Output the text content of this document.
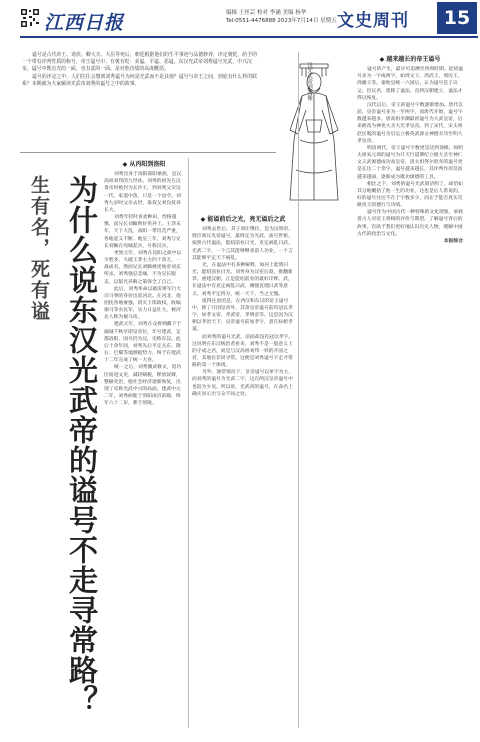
江西日报	编辑 王丝芸 校对 李涵 美编 杨华
Tel:0551-4476888 2023年7月14日 星期五 文史周刊	15

谥号是古代帝王、诸侯、卿大夫、大臣等死后，朝廷根据他们的生平事迹与品德修养，评定褒贬，给予的一个带有评判性质的称号。帝王谥号中，有褒有贬：美谥、平谥、恶谥。东汉光武帝刘秀谥号光武，中兴汉室，谥号中既有光的一面，也有武的一面，是对他功绩的高度概括。

谥号的评定之中，人们往往会想到刘秀谥号为何是光武而不是其他？谥号与帝王之间，到底有什么样的联系？本期就为大家解读光武帝刘秀的谥号之中的故事。	汉光武帝刘秀像
为什么说东汉光武帝的谥号不走寻常路？
生有名，死有谥
◆ 从丙阳到洛阳

刘秀出身于南阳蔡阳豪族，是汉高祖刘邦的九世孙。刘秀的祖先在汉景帝时被封为长沙王，到刘秀父亲这一代，家道中落，只是一个县令。刘秀九岁时父亲去世，靠叔父刘良抚养长大。

刘秀年轻时喜欢种田，性格谨慎，而兄长刘縯则好侠养士。王莽末年，天下大乱，南阳一带饥荒严重，各地起义不断。地皇三年，刘秀与兄长刘縯在宛城起兵，号称汉兵。

更始元年，刘秀在昆阳之战中以少胜多，大破王莽主力四十余万，一战成名。然而兄长刘縯被更始帝刘玄所杀，刘秀强忍悲痛，不为兄长服丧，以韬光养晦之策保全了自己。

此后，刘秀奉命以破虏将军行大司马事的身份出巡河北。在河北，他招抚各地豪强，消灭王郎政权，收编铜马等农民军，实力日益壮大，被河北人称为铜马帝。

建武元年，刘秀在众将拥戴下于鄗城千秋亭即皇帝位，年号建武，定都洛阳，国号仍为汉，史称东汉。此后十余年间，刘秀先后平定关东、陇右、巴蜀等地割据势力，终于在建武十二年完成了统一大业。

统一之后，刘秀偃武修文，退功臣而进文吏，减轻赋税，释放奴婢，整顿吏治，使社会经济逐渐恢复，出现了史称光武中兴的局面。建武中元二年，刘秀病逝于洛阳南宫前殿，终年六十二岁，葬于原陵。

◆ 能谥前后之光，亮无谥后之武

刘秀去世后，其子刘庄继位，是为汉明帝。群臣商议先帝谥号，最终定为光武，庙号世祖。按照古代谥法，能绍前业曰光，克定祸乱曰武。光武二字，一个言其能够继承前人功业，一个言其能够平定天下祸乱。

光，在谥法中有多种解释，如居上能明曰光、能绍前业曰光。刘秀身为汉室后裔，推翻新莽，重建汉朝，正是能绍前业的最好诠释。武，在谥法中有克定祸乱曰武、刚强直理曰武等意义，刘秀平定四方，统一天下，当之无愧。

值得注意的是，在西汉和东汉的帝王谥号中，除了开国皇帝外，其余皇帝谥号前均冠以孝字，如孝文帝、孝武帝、孝明帝等。这是因为汉朝以孝治天下，皇帝谥号前加孝字，意在标榜孝道。

而刘秀的谥号光武，前面却没有冠以孝字。这说明在东汉统治者看来，刘秀不是一般意义上的守成之君，而是与汉高祖刘邦一样的开国之君，其地位非同寻常。这便是刘秀谥号不走寻常路的第一个体现。

另外，通常情况下，皇帝谥号以单字为主，而刘秀的谥号为光武二字，这在两汉皇帝谥号中也较为少见。所以说，光武帝的谥号，在命名上确实显示出与众不同之处。

◆ 越来越长的帝王谥号

谥号的产生，最早可追溯至西周时期。起初谥号多为一字或两字，如周文王、周武王、周厉王、周幽王等。秦始皇统一六国后，认为谥号是子议父、臣议君，废除了谥法。直到汉朝建立，谥法才得以恢复。

汉代以后，帝王的谥号字数逐渐增加。唐代以前，皇帝谥号多为一至两字，而唐代开始，谥号字数越来越多。唐高祖李渊最初谥号为大武皇帝，后来被改为神尧大圣大光孝皇帝。到了宋代，宋太祖赵匡胤的谥号为启运立极英武睿文神德圣功至明大孝皇帝。

明清两代，帝王谥号字数更是达到顶峰。如明太祖朱元璋的谥号为开天行道肇纪立极大圣至神仁文义武俊德成功高皇帝，清太祖努尔哈赤的谥号更是长达二十余字。谥号越来越长，其评判作用反而越来越弱，逐渐成为歌功颂德的工具。

相比之下，刘秀的谥号光武简洁明了，却恰如其分地概括了他一生的功业。这也是后人常说的，好的谥号往往不在于字数多少，而在于能否真实反映帝王的德行与功绩。

谥号作为中国古代一种特殊的文化现象，承载着古人对帝王将相的评价与期望。了解谥号背后的故事，有助于我们更好地认识历史人物，理解中国古代的政治与文化。

本报综合
